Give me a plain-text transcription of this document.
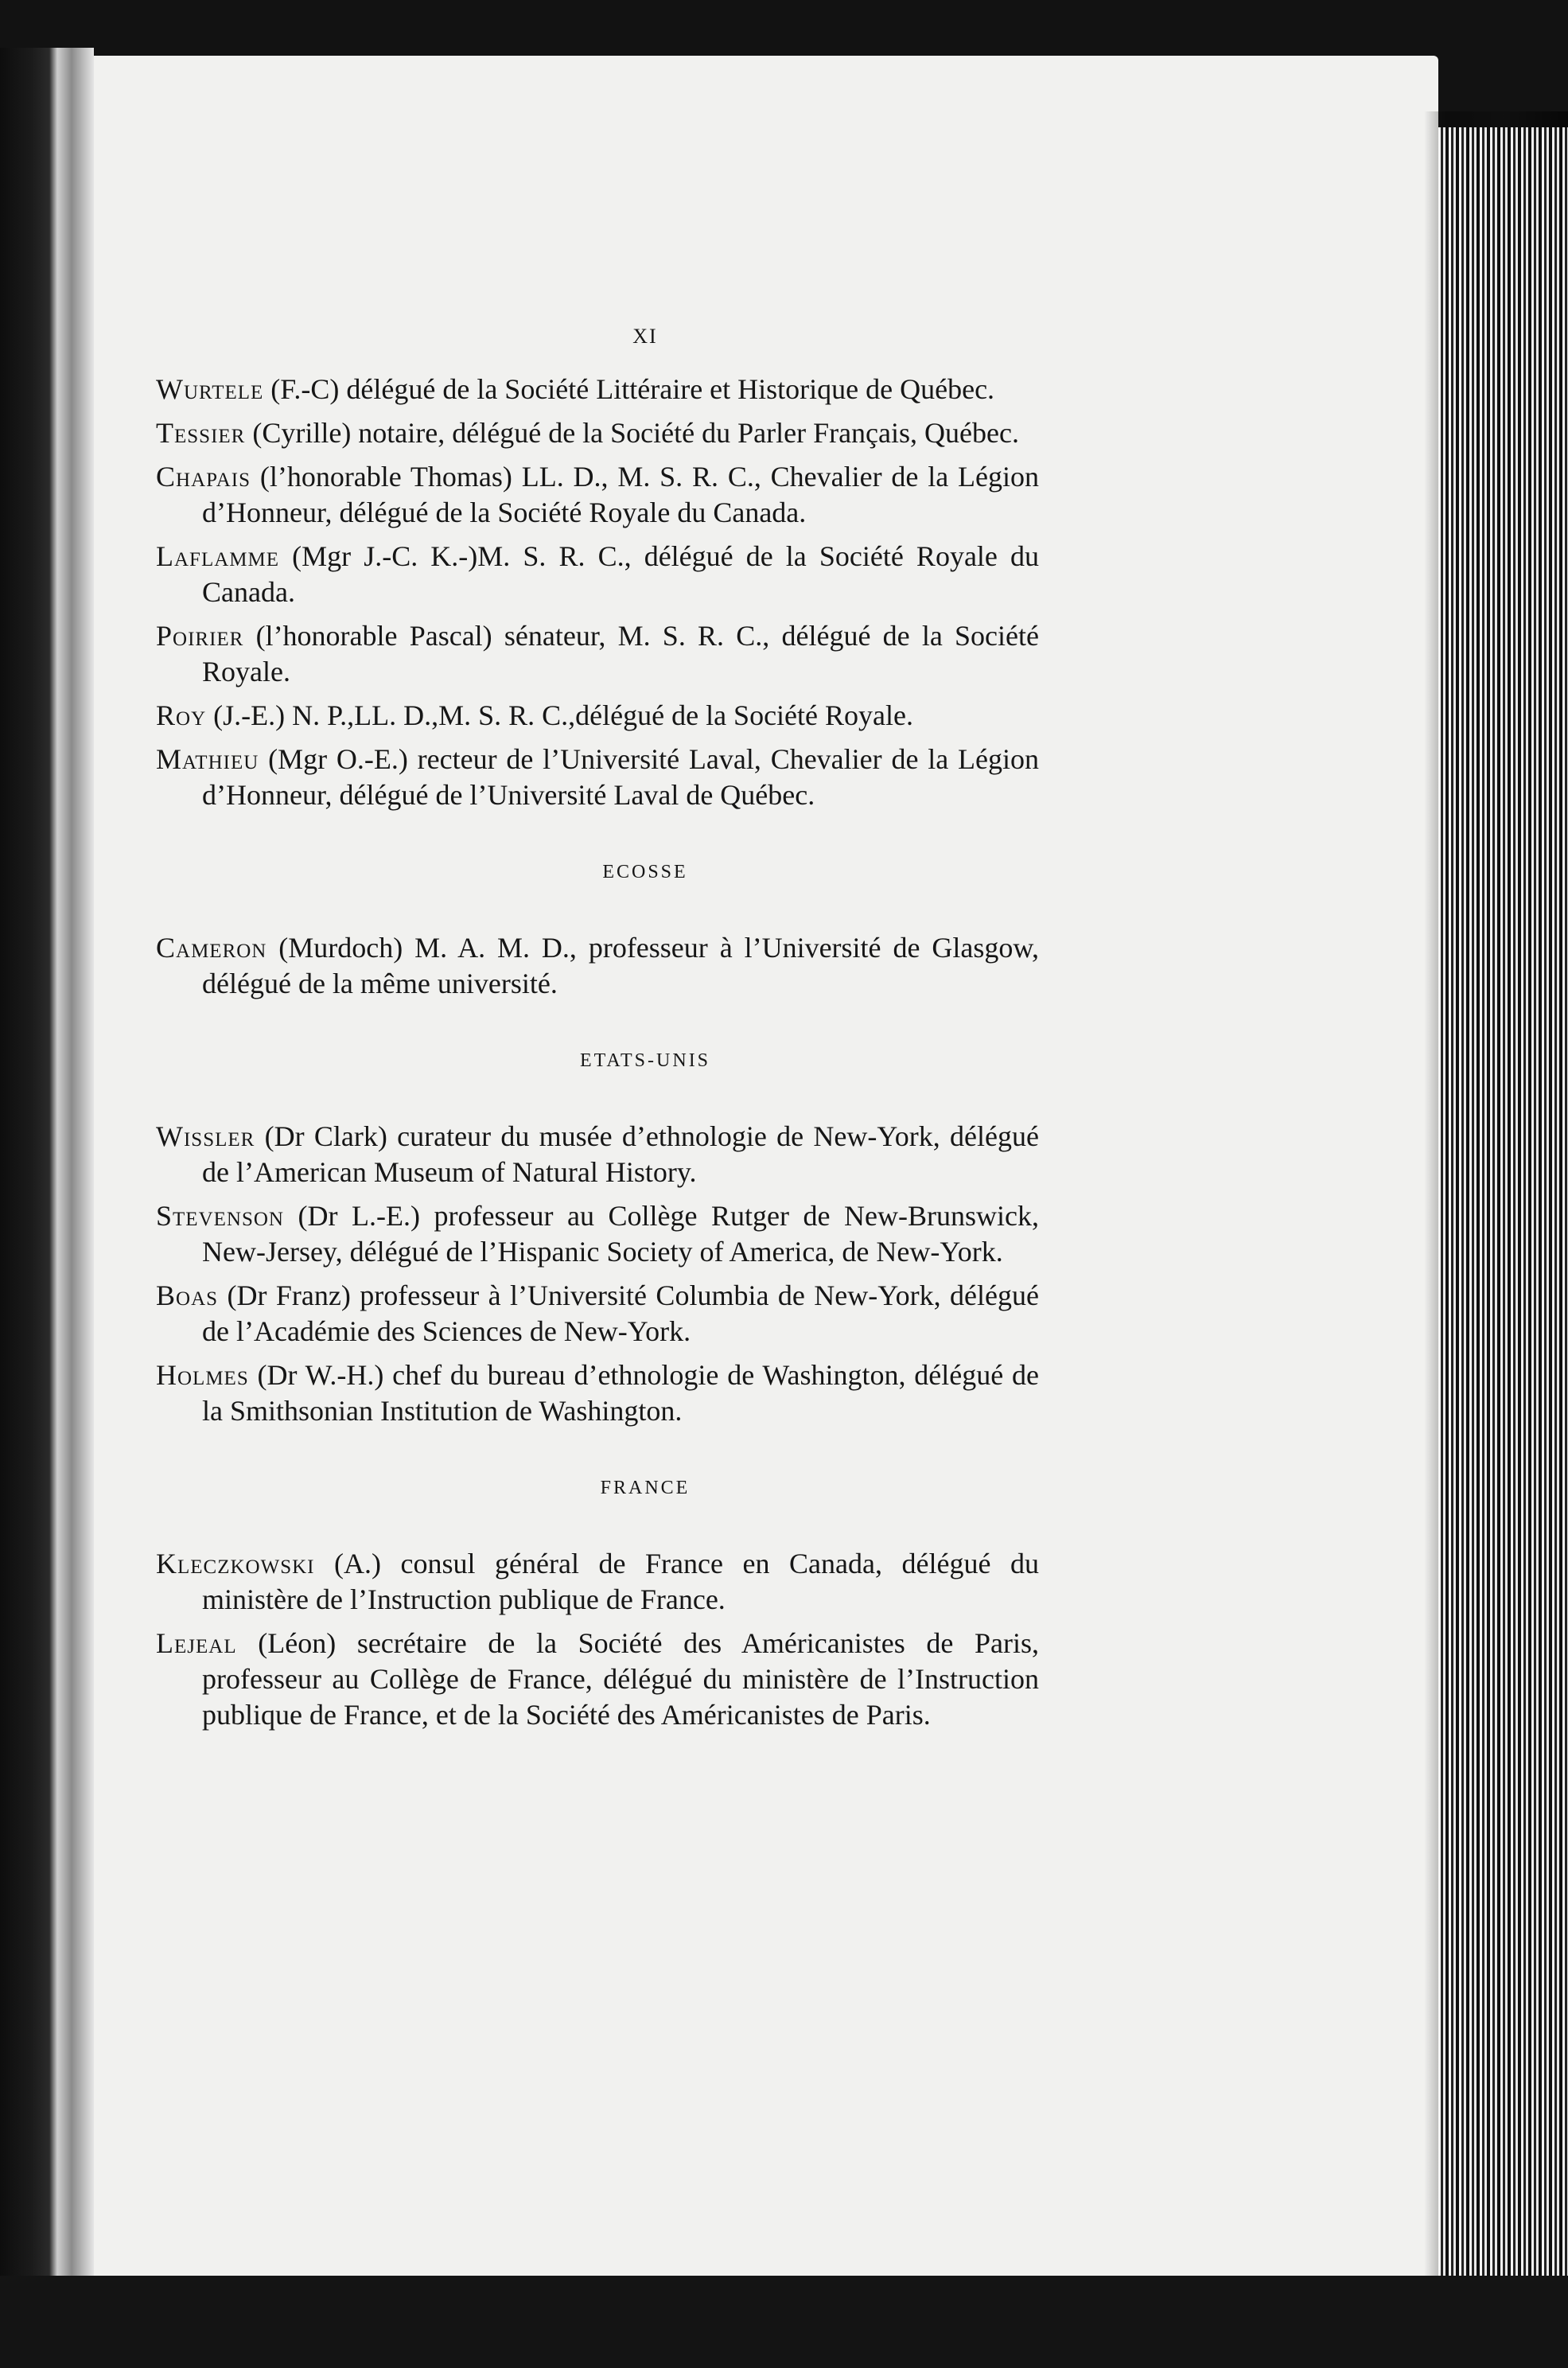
XI

Wurtele (F.-C) délégué de la Société Littéraire et Historique de Québec.

Tessier (Cyrille) notaire, délégué de la Société du Parler Français, Québec.

Chapais (l’honorable Thomas) LL. D., M. S. R. C., Chevalier de la Légion d’Honneur, délégué de la Société Royale du Canada.

Laflamme (Mgr J.-C. K.-)M. S. R. C., délégué de la Société Royale du Canada.

Poirier (l’honorable Pascal) sénateur, M. S. R. C., délégué de la Société Royale.

Roy (J.-E.) N. P.,LL. D.,M. S. R. C.,délégué de la Société Royale.

Mathieu (Mgr O.-E.) recteur de l’Université Laval, Chevalier de la Légion d’Honneur, délégué de l’Université Laval de Québec.

ECOSSE

Cameron (Murdoch) M. A. M. D., professeur à l’Université de Glasgow, délégué de la même université.

ETATS-UNIS

Wissler (Dr Clark) curateur du musée d’ethnologie de New-York, délégué de l’American Museum of Natural History.

Stevenson (Dr L.-E.) professeur au Collège Rutger de New-Brunswick, New-Jersey, délégué de l’Hispanic Society of America, de New-York.

Boas (Dr Franz) professeur à l’Université Columbia de New-York, délégué de l’Académie des Sciences de New-York.

Holmes (Dr W.-H.) chef du bureau d’ethnologie de Washington, délégué de la Smithsonian Institution de Washington.

FRANCE

Kleczkowski (A.) consul général de France en Canada, délégué du ministère de l’Instruction publique de France.

Lejeal (Léon) secrétaire de la Société des Américanistes de Paris, professeur au Collège de France, délégué du ministère de l’Instruction publique de France, et de la Société des Américanistes de Paris.
